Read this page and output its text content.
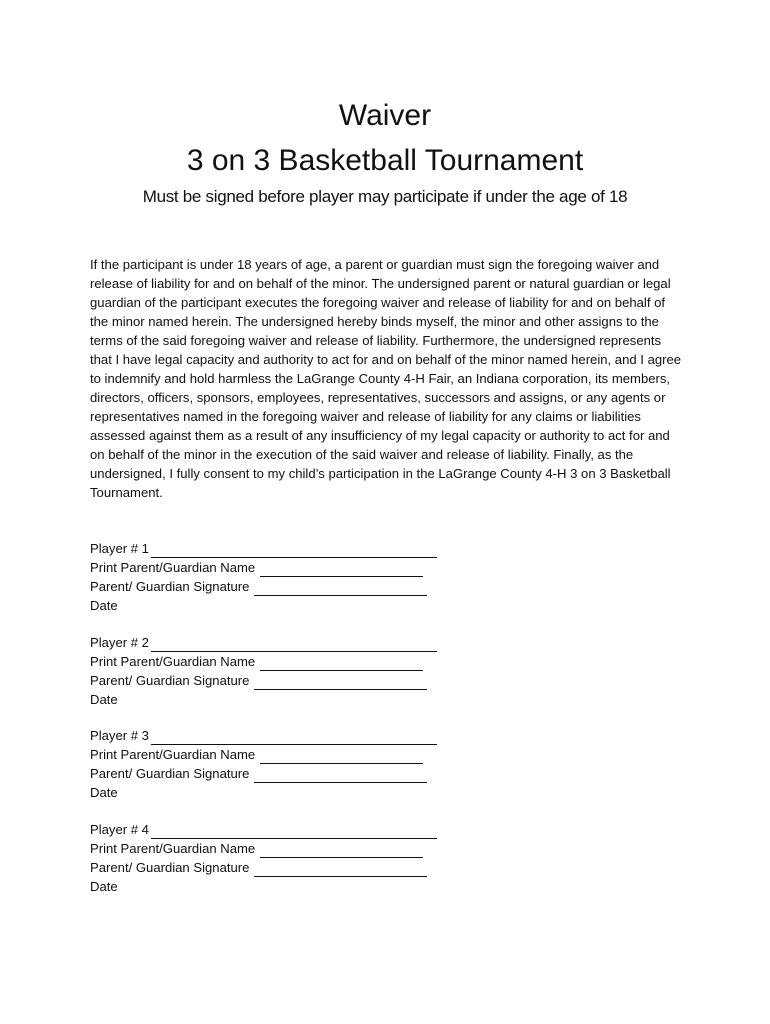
Waiver
3 on 3 Basketball Tournament
Must be signed before player may participate if under the age of 18

If the participant is under 18 years of age, a parent or guardian must sign the foregoing waiver and release of liability for and on behalf of the minor. The undersigned parent or natural guardian or legal guardian of the participant executes the foregoing waiver and release of liability for and on behalf of the minor named herein. The undersigned hereby binds myself, the minor and other assigns to the terms of the said foregoing waiver and release of liability. Furthermore, the undersigned represents that I have legal capacity and authority to act for and on behalf of the minor named herein, and I agree to indemnify and hold harmless the LaGrange County 4-H Fair, an Indiana corporation, its members, directors, officers, sponsors, employees, representatives, successors and assigns, or any agents or representatives named in the foregoing waiver and release of liability for any claims or liabilities assessed against them as a result of any insufficiency of my legal capacity or authority to act for and on behalf of the minor in the execution of the said waiver and release of liability. Finally, as the undersigned, I fully consent to my child’s participation in the LaGrange County 4-H 3 on 3 Basketball Tournament.

Player # 1
Print Parent/Guardian Name
Parent/ Guardian Signature
Date
Player # 2
Print Parent/Guardian Name
Parent/ Guardian Signature
Date
Player # 3
Print Parent/Guardian Name
Parent/ Guardian Signature
Date
Player # 4
Print Parent/Guardian Name
Parent/ Guardian Signature
Date
